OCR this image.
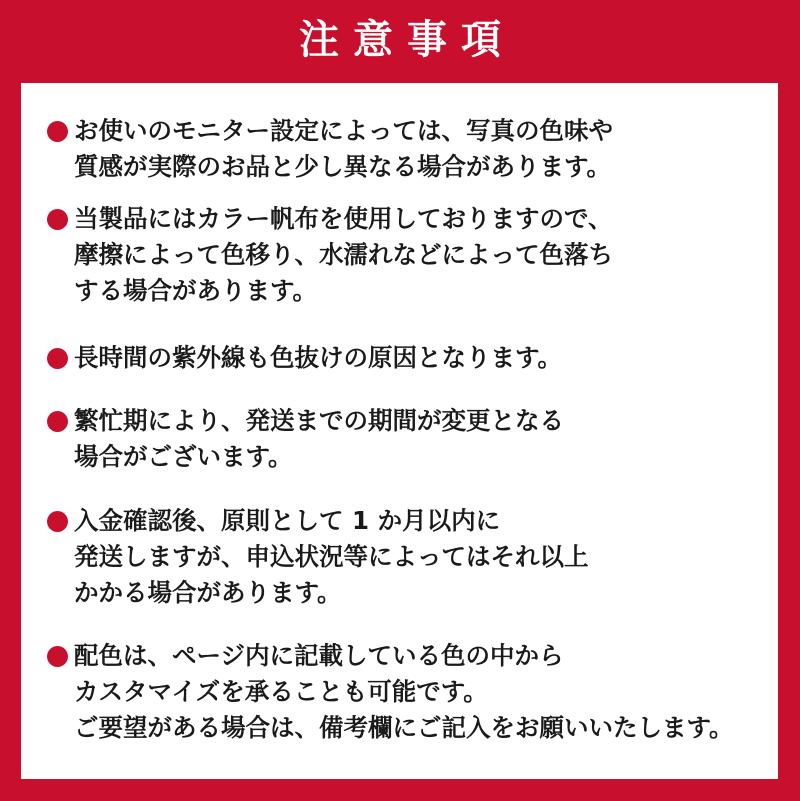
注意事項
お使いのモニター設定によっては、写真の色味や
質感が実際のお品と少し異なる場合があります。
当製品にはカラー帆布を使用しておりますので、
摩擦によって色移り、水濡れなどによって色落ち
する場合があります。
長時間の紫外線も色抜けの原因となります。
繁忙期により、発送までの期間が変更となる
場合がございます。
入金確認後、原則として 1 か月以内に
発送しますが、申込状況等によってはそれ以上
かかる場合があります。
配色は、ページ内に記載している色の中から
カスタマイズを承ることも可能です。
ご要望がある場合は、備考欄にご記入をお願いいたします。
